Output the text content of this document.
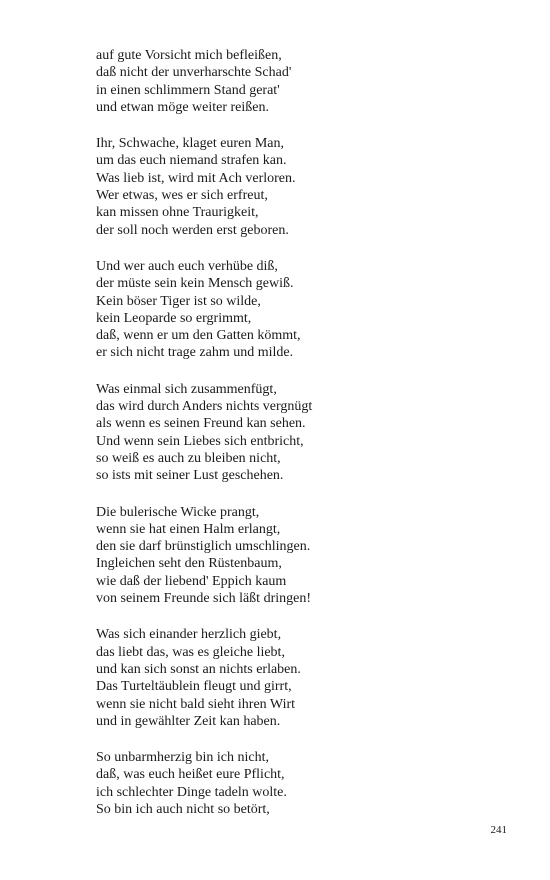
auf gute Vorsicht mich befleißen,
daß nicht der unverharschte Schad'
in einen schlimmern Stand gerat'
und etwan möge weiter reißen.
Ihr, Schwache, klaget euren Man,
um das euch niemand strafen kan.
Was lieb ist, wird mit Ach verloren.
Wer etwas, wes er sich erfreut,
kan missen ohne Traurigkeit,
der soll noch werden erst geboren.
Und wer auch euch verhübe diß,
der müste sein kein Mensch gewiß.
Kein böser Tiger ist so wilde,
kein Leoparde so ergrimmt,
daß, wenn er um den Gatten kömmt,
er sich nicht trage zahm und milde.
Was einmal sich zusammenfügt,
das wird durch Anders nichts vergnügt
als wenn es seinen Freund kan sehen.
Und wenn sein Liebes sich entbricht,
so weiß es auch zu bleiben nicht,
so ists mit seiner Lust geschehen.
Die bulerische Wicke prangt,
wenn sie hat einen Halm erlangt,
den sie darf brünstiglich umschlingen.
Ingleichen seht den Rüstenbaum,
wie daß der liebend' Eppich kaum
von seinem Freunde sich läßt dringen!
Was sich einander herzlich giebt,
das liebt das, was es gleiche liebt,
und kan sich sonst an nichts erlaben.
Das Turteltäublein fleugt und girrt,
wenn sie nicht bald sieht ihren Wirt
und in gewählter Zeit kan haben.
So unbarmherzig bin ich nicht,
daß, was euch heißet eure Pflicht,
ich schlechter Dinge tadeln wolte.
So bin ich auch nicht so betört,
241
